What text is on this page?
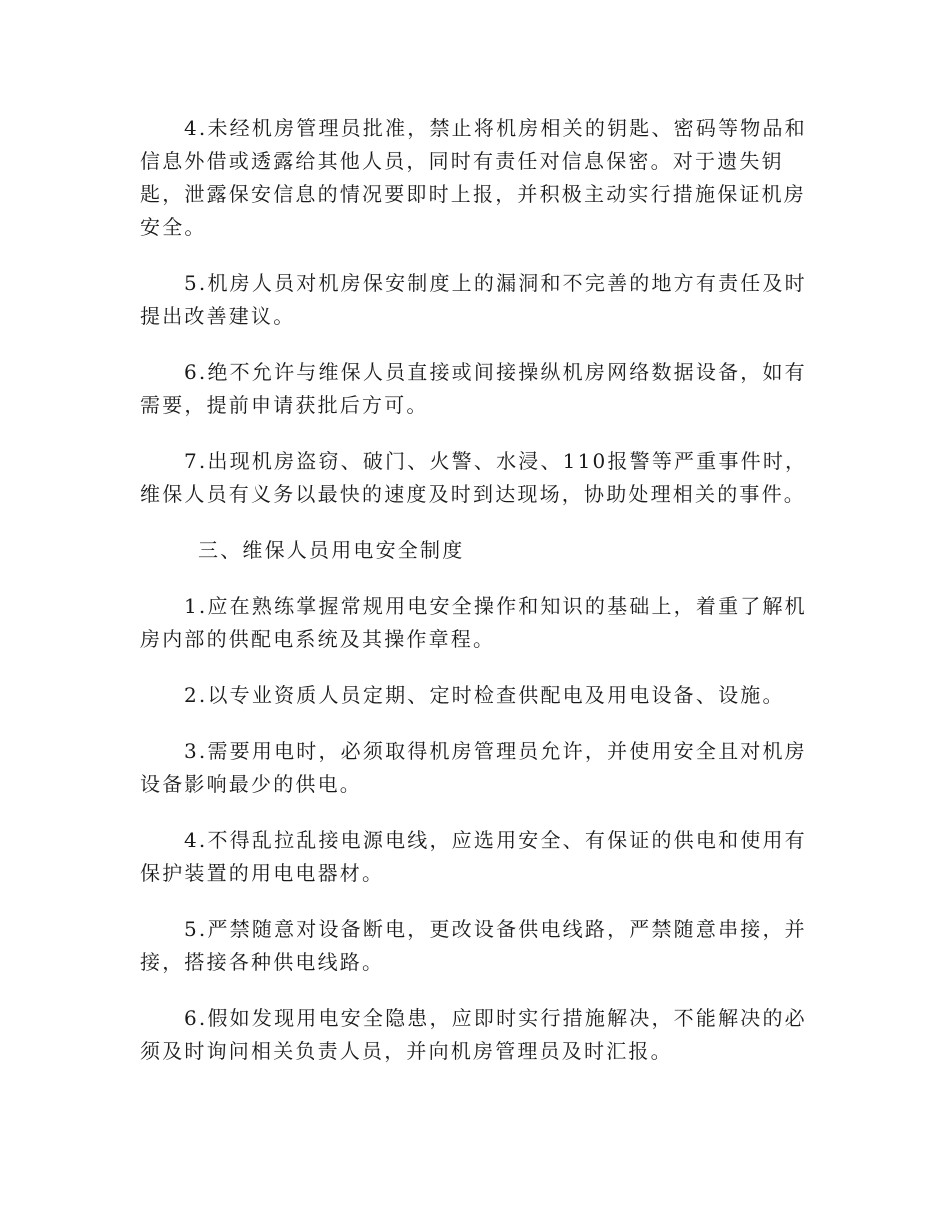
4.未经机房管理员批准，禁止将机房相关的钥匙、密码等物品和信息外借或透露给其他人员，同时有责任对信息保密。对于遗失钥匙，泄露保安信息的情况要即时上报，并积极主动实行措施保证机房安全。

5.机房人员对机房保安制度上的漏洞和不完善的地方有责任及时提出改善建议。

6.绝不允许与维保人员直接或间接操纵机房网络数据设备，如有需要，提前申请获批后方可。

7.出现机房盗窃、破门、火警、水浸、110报警等严重事件时，维保人员有义务以最快的速度及时到达现场，协助处理相关的事件。

三、维保人员用电安全制度

1.应在熟练掌握常规用电安全操作和知识的基础上，着重了解机房内部的供配电系统及其操作章程。

2.以专业资质人员定期、定时检查供配电及用电设备、设施。

3.需要用电时，必须取得机房管理员允许，并使用安全且对机房设备影响最少的供电。

4.不得乱拉乱接电源电线，应选用安全、有保证的供电和使用有保护装置的用电电器材。

5.严禁随意对设备断电，更改设备供电线路，严禁随意串接，并接，搭接各种供电线路。

6.假如发现用电安全隐患，应即时实行措施解决，不能解决的必须及时询问相关负责人员，并向机房管理员及时汇报。
